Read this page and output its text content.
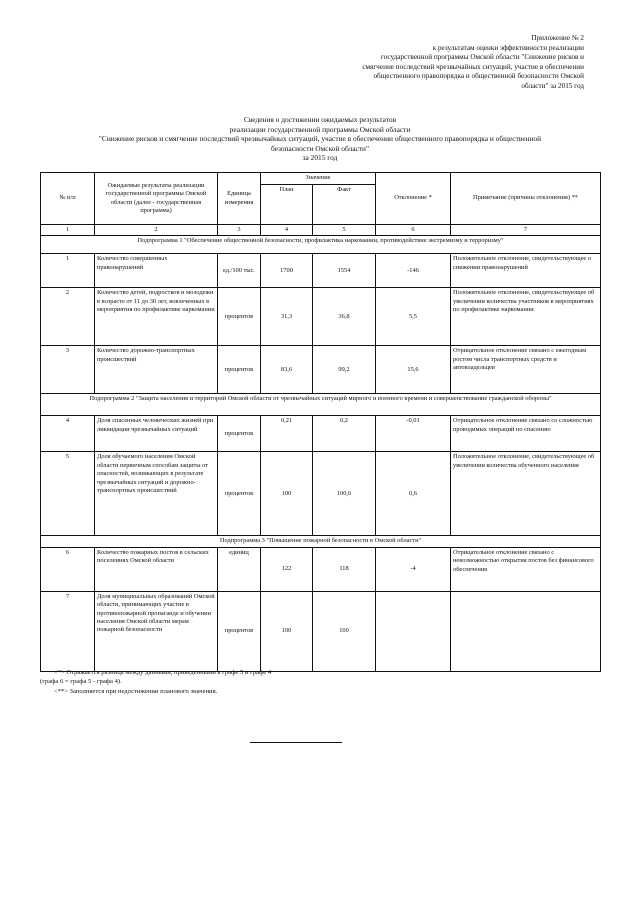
Приложение № 2
к результатам оценки эффективности реализации
государственной программы Омской области "Снижение рисков и
смягчение последствий чрезвычайных ситуаций, участие в обеспечении
общественного правопорядка и общественной безопасности Омской
области" за 2015 год
Сведения о достижении ожидаемых результатов
реализации государственной программы Омской области
"Снижение рисков и смягчение последствий чрезвычайных ситуаций, участие в обеспечении общественного правопорядка и общественной
безопасности Омской области"
за 2015 год
№ п/п	Ожидаемые результаты реализации государственной программы Омской области (далее - государственная программа)	Единица измерения	Значение		Отклонение *	Примечание (причины отклонения) **
			План	Факт		
1	2	3	4	5	6	7
Подпрограмма 1 "Обеспечение общественной безопасности, профилактика наркомании, противодействие экстремизму и терроризму"						
1	Количество совершенных правонарушений	ед./100 тыс.	1700	1554	-146	Положительное отклонение, свидетельствующее о снижении правонарушений
2	Количество детей, подростков и молодежи в возрасте от 11 до 30 лет, вовлеченных в мероприятия по профилактике наркомании	процентов	31,3	36,8	5,5	Положительное отклонение, свидетельствующее об увеличении количества участников в мероприятиях по профилактике наркомании
3	Количество дорожно-транспортных происшествий	процентов	83,6	99,2	15,6	Отрицательное отклонение связано с ежегодным ростом числа транспортных средств и автовладельцев
Подпрограмма 2 "Защита населения и территорий Омской области от чрезвычайных ситуаций мирного и военного времени и совершенствование гражданской обороны"						
4	Доля спасенных человеческих жизней при ликвидации чрезвычайных ситуаций	процентов	0,21	0,2	-0,01	Отрицательное отклонение связано со сложностью проводимых операций по спасению
5	Доля обучаемого населения Омской области первичным способам защиты от опасностей, возникающих в результате чрезвычайных ситуаций и дорожно-транспортных происшествий	процентов	100	100,6	0,6	Положительное отклонение, свидетельствующее об увеличении количества обученного населения
Подпрограмма 3 "Повышение пожарной безопасности в Омской области"						
6	Количество пожарных постов в сельских поселениях Омской области	единиц	122	118	-4	Отрицательное отклонение связано с невозможностью открытия постов без финансового обеспечения
7	Доля муниципальных образований Омской области, принимающих участие в противопожарной пропаганде и обучении населения Омской области мерам пожарной безопасности	процентов	100	100		
<*> Отражается разница между данными, приведенными в графе 5 и графе 4
(графа 6 = графа 5 - графа 4).
<**> Заполняется при недостижении планового значения.
